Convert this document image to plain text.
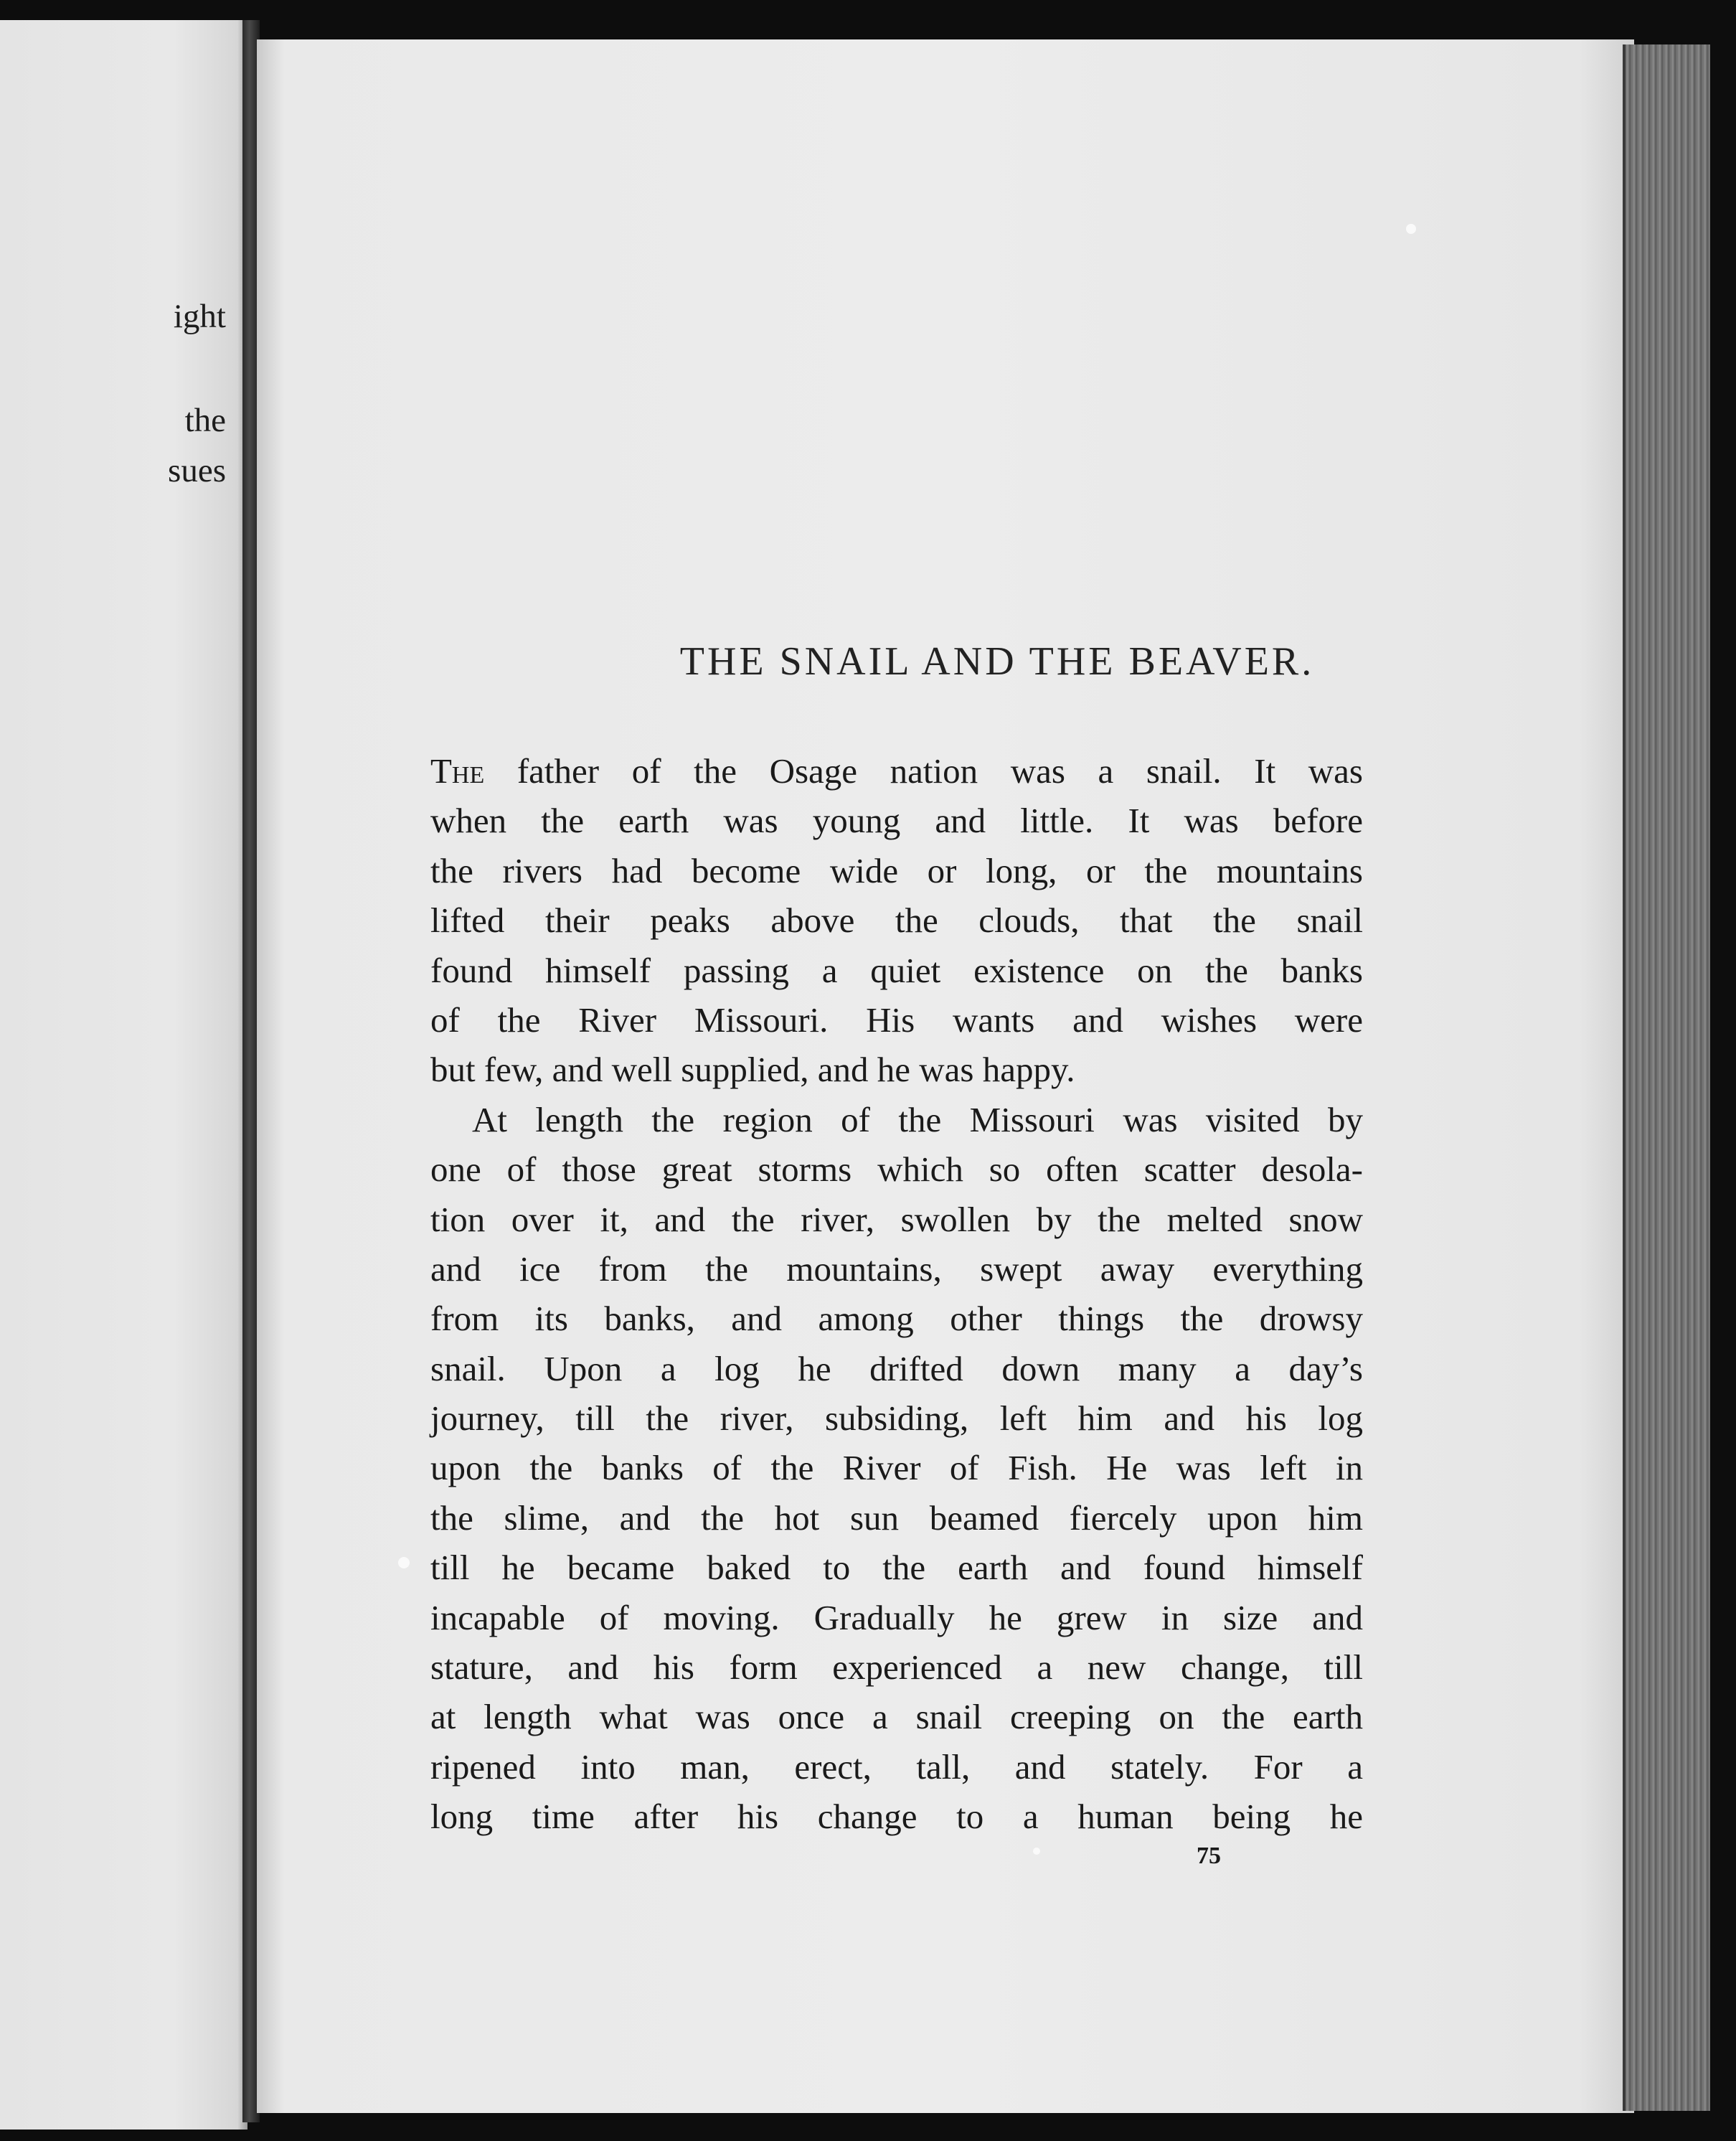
ight
the
sues
THE SNAIL AND THE BEAVER.
The father of the Osage nation was a snail. It was
when the earth was young and little. It was before
the rivers had become wide or long, or the mountains
lifted their peaks above the clouds, that the snail
found himself passing a quiet existence on the banks
of the River Missouri. His wants and wishes were
but few, and well supplied, and he was happy.
At length the region of the Missouri was visited by
one of those great storms which so often scatter desola-
tion over it, and the river, swollen by the melted snow
and ice from the mountains, swept away everything
from its banks, and among other things the drowsy
snail. Upon a log he drifted down many a day’s
journey, till the river, subsiding, left him and his log
upon the banks of the River of Fish. He was left in
the slime, and the hot sun beamed fiercely upon him
till he became baked to the earth and found himself
incapable of moving. Gradually he grew in size and
stature, and his form experienced a new change, till
at length what was once a snail creeping on the earth
ripened into man, erect, tall, and stately. For a
long time after his change to a human being he
75
